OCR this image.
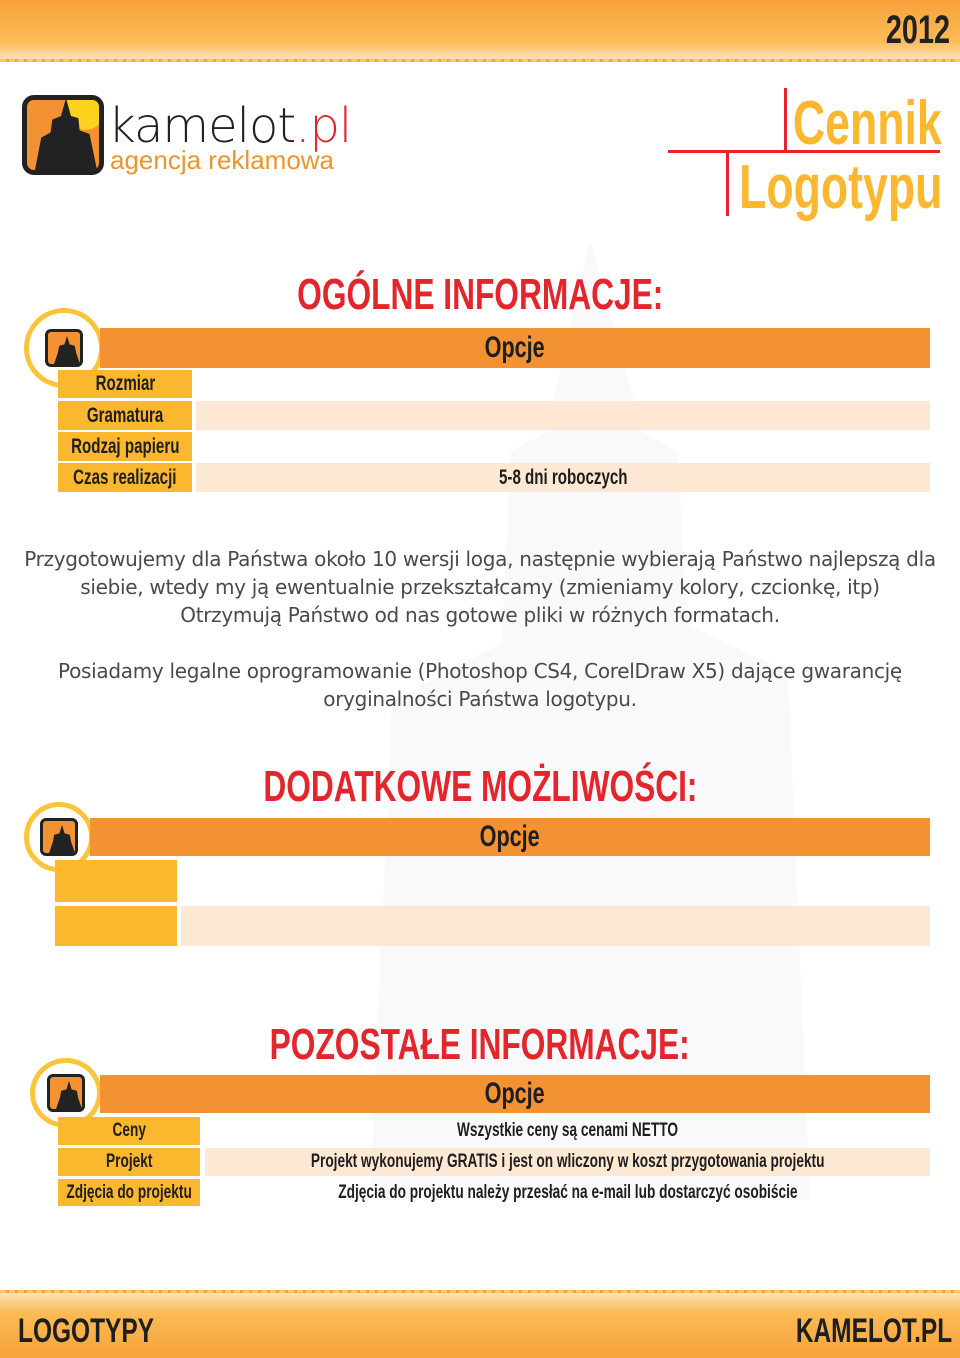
2012
kamelot.pl
agencja reklamowa
Cennik
Logotypu
OGÓLNE INFORMACJE:
Opcje
Rozmiar
Gramatura
Rodzaj papieru
Czas realizacji	5-8 dni roboczych
Przygotowujemy dla Państwa około 10 wersji loga, następnie wybierają Państwo najlepszą dla
siebie, wtedy my ją ewentualnie przekształcamy (zmieniamy kolory, czcionkę, itp)
Otrzymują Państwo od nas gotowe pliki w różnych formatach.
Posiadamy legalne oprogramowanie (Photoshop CS4, CorelDraw X5) dające gwarancję
oryginalności Państwa logotypu.
DODATKOWE MOŻLIWOŚCI:
Opcje
POZOSTAŁE INFORMACJE:
Opcje
Ceny	Wszystkie ceny są cenami NETTO
Projekt	Projekt wykonujemy GRATIS i jest on wliczony w koszt przygotowania projektu
Zdjęcia do projektu	Zdjęcia do projektu należy przesłać na e-mail lub dostarczyć osobiście
LOGOTYPY	KAMELOT.PL
